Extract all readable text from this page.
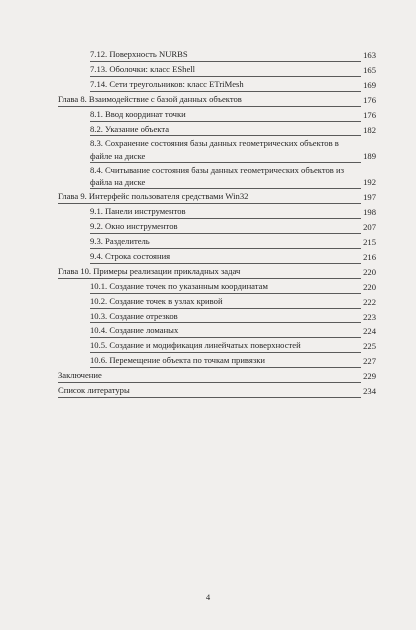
7.12. Поверхность NURBS	163
7.13. Оболочки: класс EShell	165
7.14. Сети треугольников: класс ETriMesh	169
Глава 8. Взаимодействие с базой данных объектов	176
8.1. Ввод координат точки	176
8.2. Указание объекта	182
8.3. Сохранение состояния базы данных геометрических объектов в файле на диске	189
8.4. Считывание состояния базы данных геометрических объектов из файла на диске	192
Глава 9. Интерфейс пользователя средствами Win32	197
9.1. Панели инструментов	198
9.2. Окно инструментов	207
9.3. Разделитель	215
9.4. Строка состояния	216
Глава 10. Примеры реализации прикладных задач	220
10.1. Создание точек по указанным координатам	220
10.2. Создание точек в узлах кривой	222
10.3. Создание отрезков	223
10.4. Создание ломаных	224
10.5. Создание и модификация линейчатых поверхностей	225
10.6. Перемещение объекта по точкам привязки	227
Заключение	229
Список литературы	234
4
